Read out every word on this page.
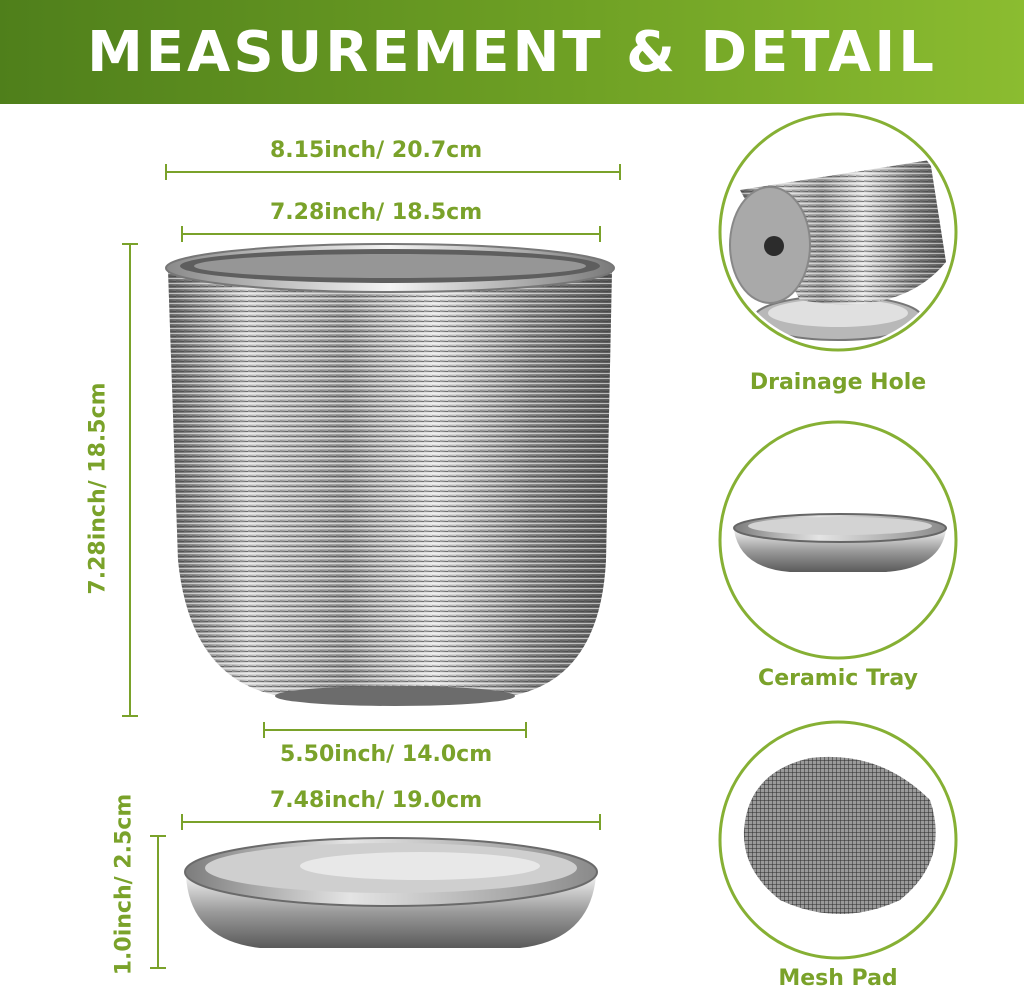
MEASUREMENT & DETAIL
8.15inch/ 20.7cm
7.28inch/ 18.5cm
7.28inch/ 18.5cm
5.50inch/ 14.0cm
7.48inch/ 19.0cm
1.0inch/ 2.5cm
Drainage Hole
Ceramic Tray
Mesh Pad
